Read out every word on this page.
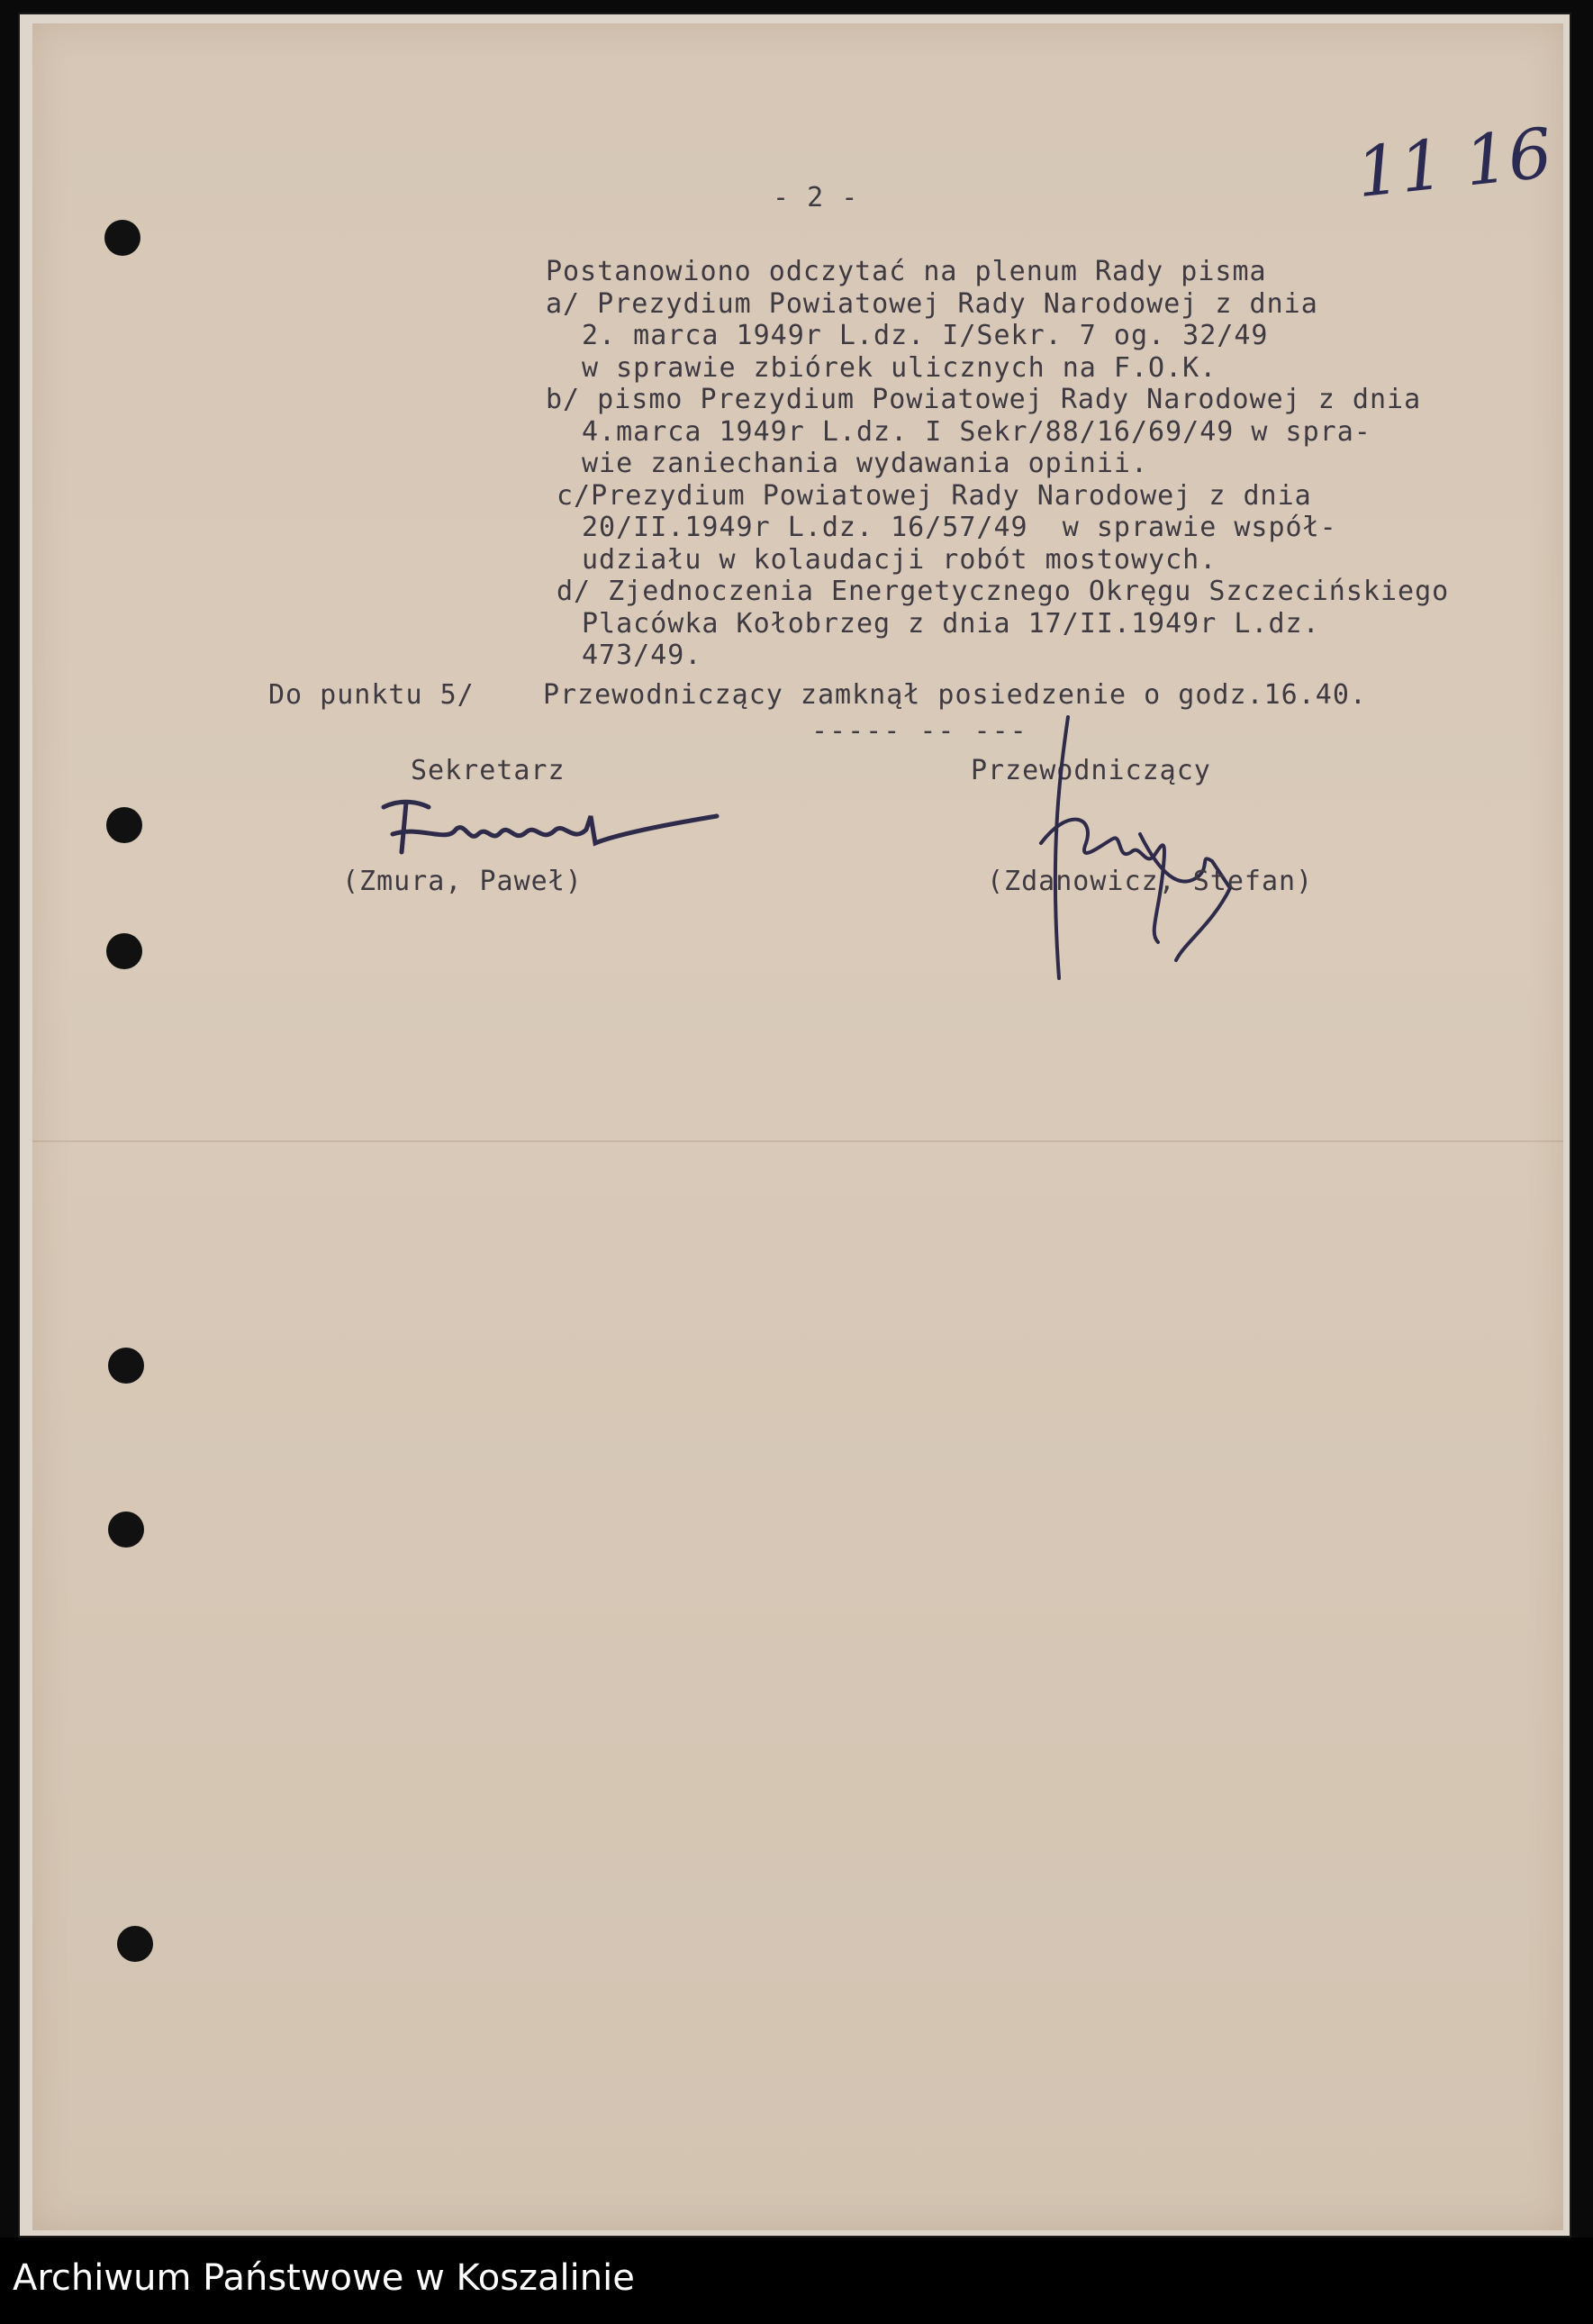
11 16
- 2 -
Postanowiono odczytać na plenum Rady pisma
a/ Prezydium Powiatowej Rady Narodowej z dnia
2. marca 1949r L.dz. I/Sekr. 7 og. 32/49
w sprawie zbiórek ulicznych na F.O.K.
b/ pismo Prezydium Powiatowej Rady Narodowej z dnia
4.marca 1949r L.dz. I Sekr/88/16/69/49 w spra-
wie zaniechania wydawania opinii.
c/Prezydium Powiatowej Rady Narodowej z dnia
20/II.1949r L.dz. 16/57/49  w sprawie współ-
udziału w kolaudacji robót mostowych.
d/ Zjednoczenia Energetycznego Okręgu Szczecińskiego
Placówka Kołobrzeg z dnia 17/II.1949r L.dz.
473/49.
Do punktu 5/    Przewodniczący zamknął posiedzenie o godz.16.40.
----- -- ---
Sekretarz	Przewodniczący
(Zmura, Paweł)	(Zdanowicz, Stefan)
Archiwum Państwowe w Koszalinie
